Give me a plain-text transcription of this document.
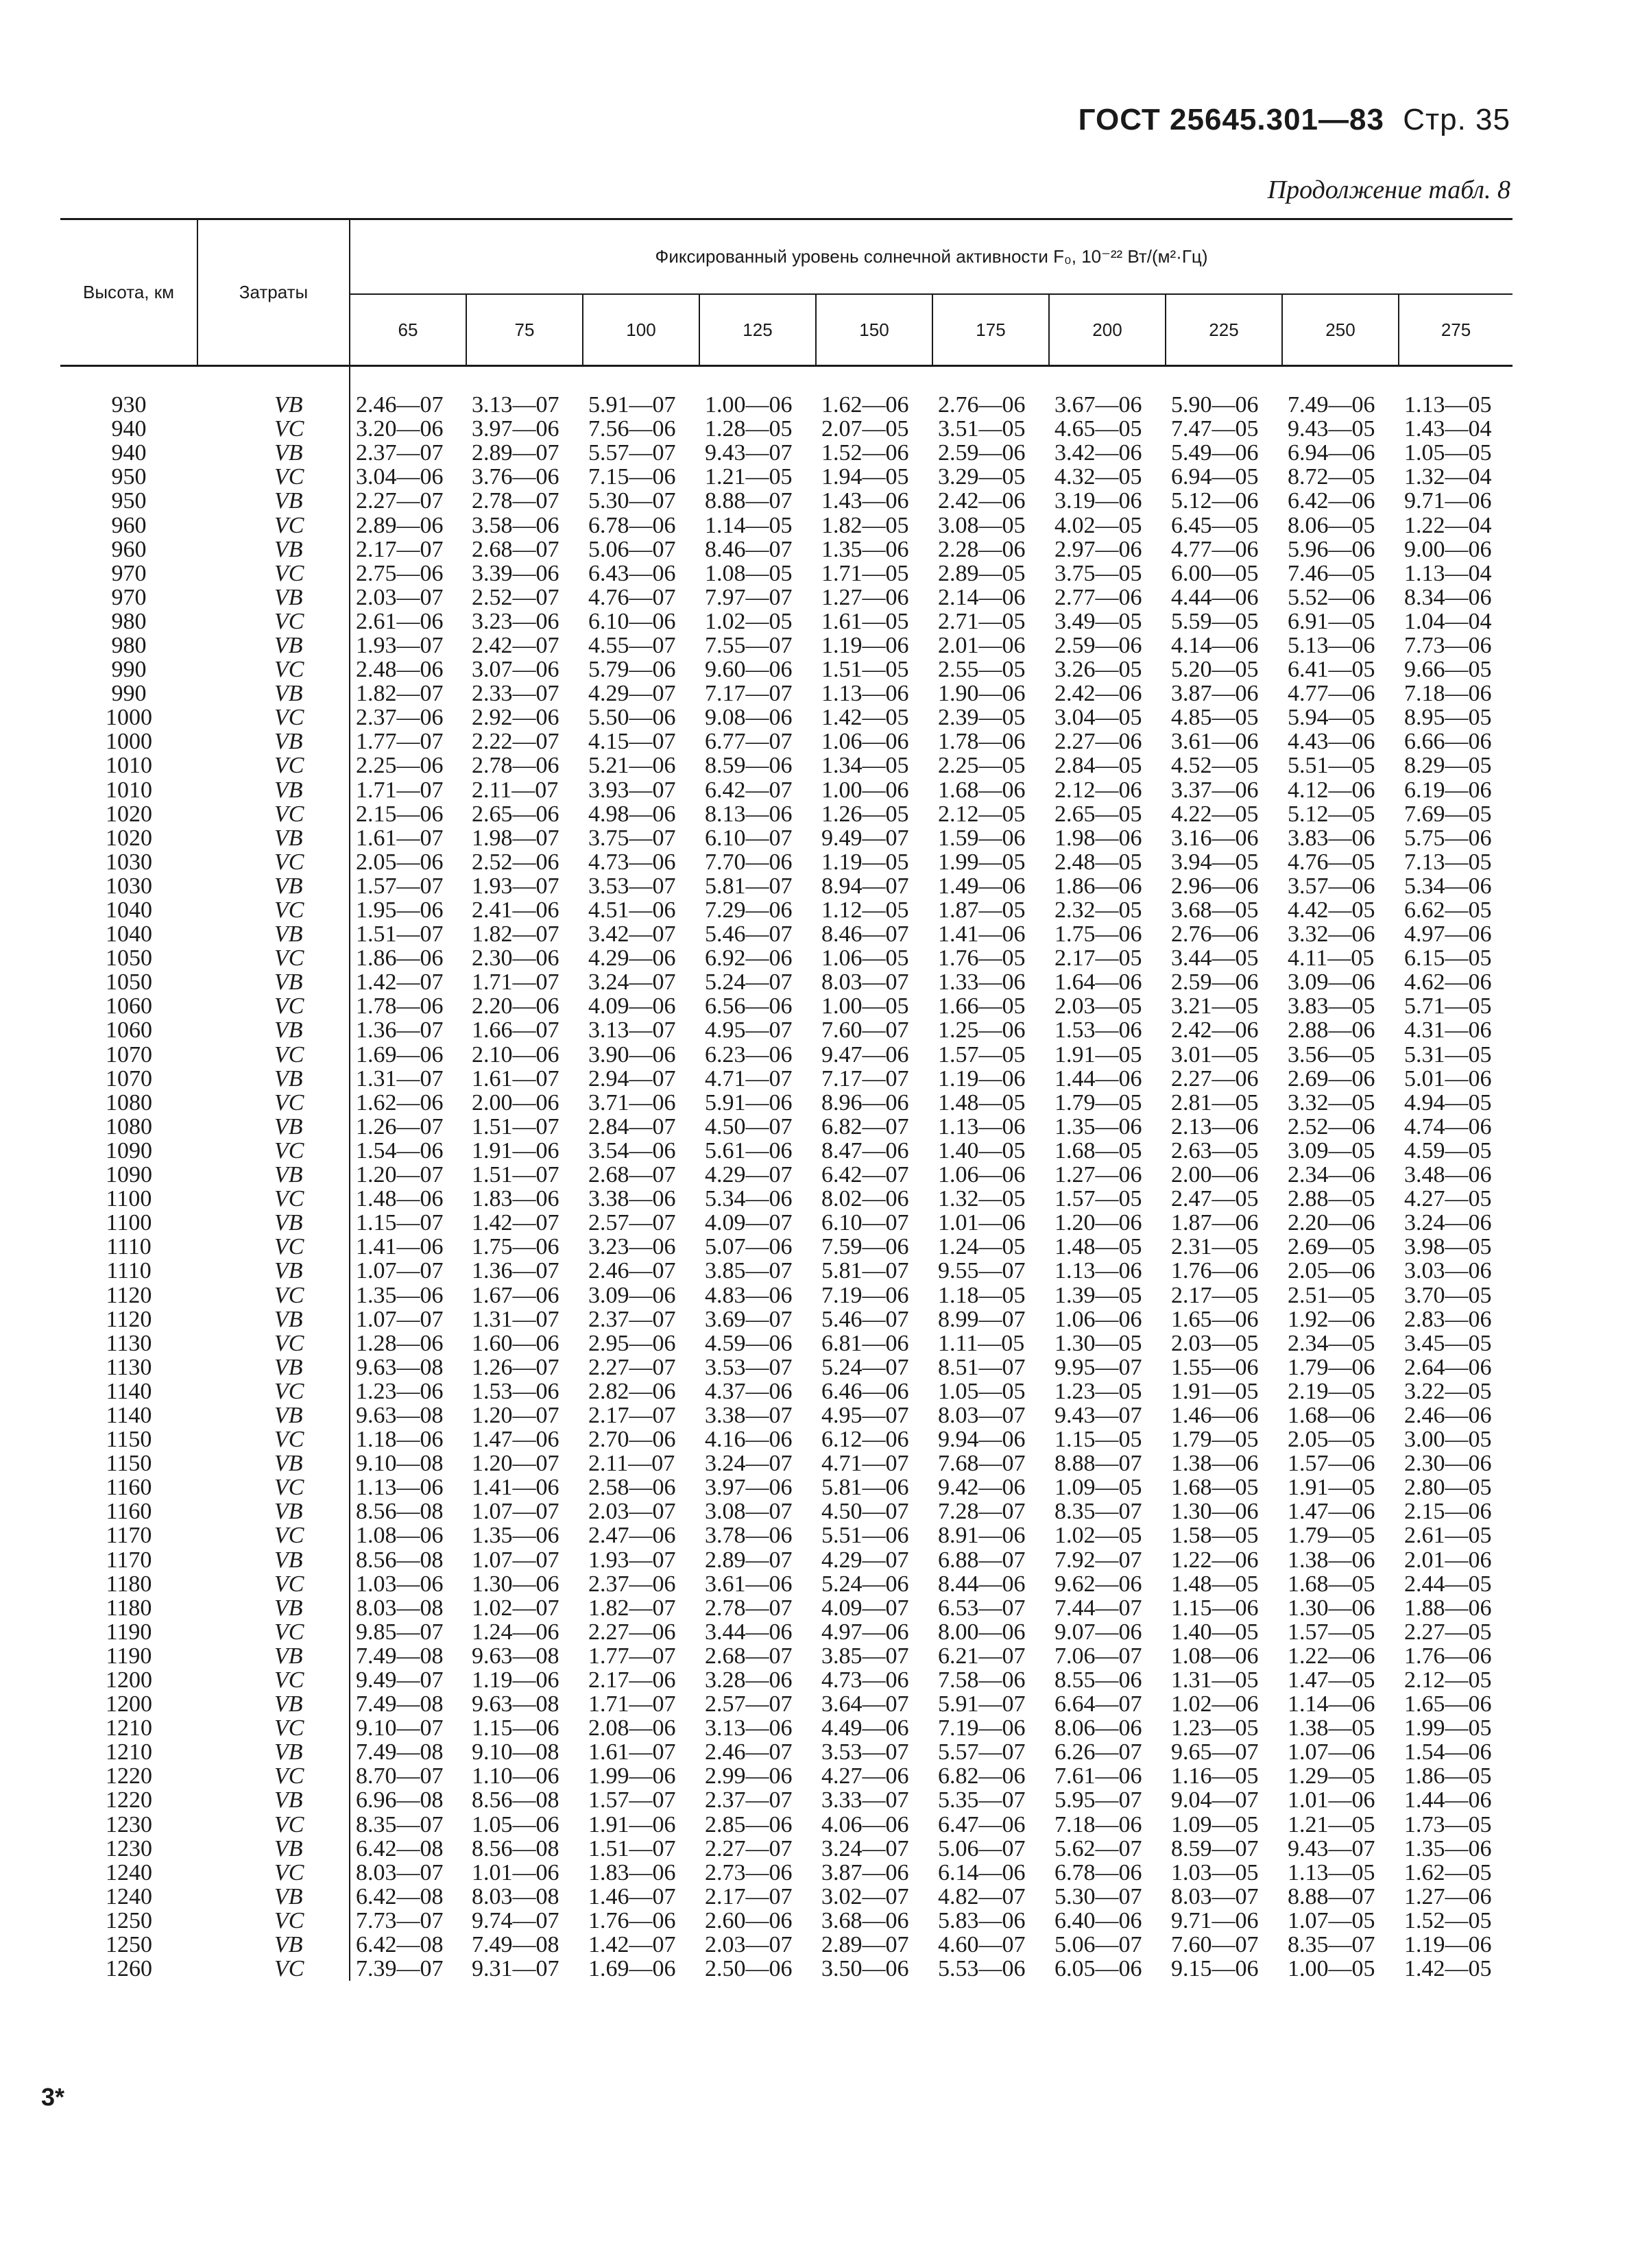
ГОСТ 25645.301—83 Стр. 35
Продолжение табл. 8
Высота, км	Затраты	Фиксированный уровень солнечной активности F₀, 10⁻²² Вт/(м²·Гц)									
		65	75	100	125	150	175	200	225	250	275
930	VB	2.46—07	3.13—07	5.91—07	1.00—06	1.62—06	2.76—06	3.67—06	5.90—06	7.49—06	1.13—05
940	VC	3.20—06	3.97—06	7.56—06	1.28—05	2.07—05	3.51—05	4.65—05	7.47—05	9.43—05	1.43—04
940	VB	2.37—07	2.89—07	5.57—07	9.43—07	1.52—06	2.59—06	3.42—06	5.49—06	6.94—06	1.05—05
950	VC	3.04—06	3.76—06	7.15—06	1.21—05	1.94—05	3.29—05	4.32—05	6.94—05	8.72—05	1.32—04
950	VB	2.27—07	2.78—07	5.30—07	8.88—07	1.43—06	2.42—06	3.19—06	5.12—06	6.42—06	9.71—06
960	VC	2.89—06	3.58—06	6.78—06	1.14—05	1.82—05	3.08—05	4.02—05	6.45—05	8.06—05	1.22—04
960	VB	2.17—07	2.68—07	5.06—07	8.46—07	1.35—06	2.28—06	2.97—06	4.77—06	5.96—06	9.00—06
970	VC	2.75—06	3.39—06	6.43—06	1.08—05	1.71—05	2.89—05	3.75—05	6.00—05	7.46—05	1.13—04
970	VB	2.03—07	2.52—07	4.76—07	7.97—07	1.27—06	2.14—06	2.77—06	4.44—06	5.52—06	8.34—06
980	VC	2.61—06	3.23—06	6.10—06	1.02—05	1.61—05	2.71—05	3.49—05	5.59—05	6.91—05	1.04—04
980	VB	1.93—07	2.42—07	4.55—07	7.55—07	1.19—06	2.01—06	2.59—06	4.14—06	5.13—06	7.73—06
990	VC	2.48—06	3.07—06	5.79—06	9.60—06	1.51—05	2.55—05	3.26—05	5.20—05	6.41—05	9.66—05
990	VB	1.82—07	2.33—07	4.29—07	7.17—07	1.13—06	1.90—06	2.42—06	3.87—06	4.77—06	7.18—06
1000	VC	2.37—06	2.92—06	5.50—06	9.08—06	1.42—05	2.39—05	3.04—05	4.85—05	5.94—05	8.95—05
1000	VB	1.77—07	2.22—07	4.15—07	6.77—07	1.06—06	1.78—06	2.27—06	3.61—06	4.43—06	6.66—06
1010	VC	2.25—06	2.78—06	5.21—06	8.59—06	1.34—05	2.25—05	2.84—05	4.52—05	5.51—05	8.29—05
1010	VB	1.71—07	2.11—07	3.93—07	6.42—07	1.00—06	1.68—06	2.12—06	3.37—06	4.12—06	6.19—06
1020	VC	2.15—06	2.65—06	4.98—06	8.13—06	1.26—05	2.12—05	2.65—05	4.22—05	5.12—05	7.69—05
1020	VB	1.61—07	1.98—07	3.75—07	6.10—07	9.49—07	1.59—06	1.98—06	3.16—06	3.83—06	5.75—06
1030	VC	2.05—06	2.52—06	4.73—06	7.70—06	1.19—05	1.99—05	2.48—05	3.94—05	4.76—05	7.13—05
1030	VB	1.57—07	1.93—07	3.53—07	5.81—07	8.94—07	1.49—06	1.86—06	2.96—06	3.57—06	5.34—06
1040	VC	1.95—06	2.41—06	4.51—06	7.29—06	1.12—05	1.87—05	2.32—05	3.68—05	4.42—05	6.62—05
1040	VB	1.51—07	1.82—07	3.42—07	5.46—07	8.46—07	1.41—06	1.75—06	2.76—06	3.32—06	4.97—06
1050	VC	1.86—06	2.30—06	4.29—06	6.92—06	1.06—05	1.76—05	2.17—05	3.44—05	4.11—05	6.15—05
1050	VB	1.42—07	1.71—07	3.24—07	5.24—07	8.03—07	1.33—06	1.64—06	2.59—06	3.09—06	4.62—06
1060	VC	1.78—06	2.20—06	4.09—06	6.56—06	1.00—05	1.66—05	2.03—05	3.21—05	3.83—05	5.71—05
1060	VB	1.36—07	1.66—07	3.13—07	4.95—07	7.60—07	1.25—06	1.53—06	2.42—06	2.88—06	4.31—06
1070	VC	1.69—06	2.10—06	3.90—06	6.23—06	9.47—06	1.57—05	1.91—05	3.01—05	3.56—05	5.31—05
1070	VB	1.31—07	1.61—07	2.94—07	4.71—07	7.17—07	1.19—06	1.44—06	2.27—06	2.69—06	5.01—06
1080	VC	1.62—06	2.00—06	3.71—06	5.91—06	8.96—06	1.48—05	1.79—05	2.81—05	3.32—05	4.94—05
1080	VB	1.26—07	1.51—07	2.84—07	4.50—07	6.82—07	1.13—06	1.35—06	2.13—06	2.52—06	4.74—06
1090	VC	1.54—06	1.91—06	3.54—06	5.61—06	8.47—06	1.40—05	1.68—05	2.63—05	3.09—05	4.59—05
1090	VB	1.20—07	1.51—07	2.68—07	4.29—07	6.42—07	1.06—06	1.27—06	2.00—06	2.34—06	3.48—06
1100	VC	1.48—06	1.83—06	3.38—06	5.34—06	8.02—06	1.32—05	1.57—05	2.47—05	2.88—05	4.27—05
1100	VB	1.15—07	1.42—07	2.57—07	4.09—07	6.10—07	1.01—06	1.20—06	1.87—06	2.20—06	3.24—06
1110	VC	1.41—06	1.75—06	3.23—06	5.07—06	7.59—06	1.24—05	1.48—05	2.31—05	2.69—05	3.98—05
1110	VB	1.07—07	1.36—07	2.46—07	3.85—07	5.81—07	9.55—07	1.13—06	1.76—06	2.05—06	3.03—06
1120	VC	1.35—06	1.67—06	3.09—06	4.83—06	7.19—06	1.18—05	1.39—05	2.17—05	2.51—05	3.70—05
1120	VB	1.07—07	1.31—07	2.37—07	3.69—07	5.46—07	8.99—07	1.06—06	1.65—06	1.92—06	2.83—06
1130	VC	1.28—06	1.60—06	2.95—06	4.59—06	6.81—06	1.11—05	1.30—05	2.03—05	2.34—05	3.45—05
1130	VB	9.63—08	1.26—07	2.27—07	3.53—07	5.24—07	8.51—07	9.95—07	1.55—06	1.79—06	2.64—06
1140	VC	1.23—06	1.53—06	2.82—06	4.37—06	6.46—06	1.05—05	1.23—05	1.91—05	2.19—05	3.22—05
1140	VB	9.63—08	1.20—07	2.17—07	3.38—07	4.95—07	8.03—07	9.43—07	1.46—06	1.68—06	2.46—06
1150	VC	1.18—06	1.47—06	2.70—06	4.16—06	6.12—06	9.94—06	1.15—05	1.79—05	2.05—05	3.00—05
1150	VB	9.10—08	1.20—07	2.11—07	3.24—07	4.71—07	7.68—07	8.88—07	1.38—06	1.57—06	2.30—06
1160	VC	1.13—06	1.41—06	2.58—06	3.97—06	5.81—06	9.42—06	1.09—05	1.68—05	1.91—05	2.80—05
1160	VB	8.56—08	1.07—07	2.03—07	3.08—07	4.50—07	7.28—07	8.35—07	1.30—06	1.47—06	2.15—06
1170	VC	1.08—06	1.35—06	2.47—06	3.78—06	5.51—06	8.91—06	1.02—05	1.58—05	1.79—05	2.61—05
1170	VB	8.56—08	1.07—07	1.93—07	2.89—07	4.29—07	6.88—07	7.92—07	1.22—06	1.38—06	2.01—06
1180	VC	1.03—06	1.30—06	2.37—06	3.61—06	5.24—06	8.44—06	9.62—06	1.48—05	1.68—05	2.44—05
1180	VB	8.03—08	1.02—07	1.82—07	2.78—07	4.09—07	6.53—07	7.44—07	1.15—06	1.30—06	1.88—06
1190	VC	9.85—07	1.24—06	2.27—06	3.44—06	4.97—06	8.00—06	9.07—06	1.40—05	1.57—05	2.27—05
1190	VB	7.49—08	9.63—08	1.77—07	2.68—07	3.85—07	6.21—07	7.06—07	1.08—06	1.22—06	1.76—06
1200	VC	9.49—07	1.19—06	2.17—06	3.28—06	4.73—06	7.58—06	8.55—06	1.31—05	1.47—05	2.12—05
1200	VB	7.49—08	9.63—08	1.71—07	2.57—07	3.64—07	5.91—07	6.64—07	1.02—06	1.14—06	1.65—06
1210	VC	9.10—07	1.15—06	2.08—06	3.13—06	4.49—06	7.19—06	8.06—06	1.23—05	1.38—05	1.99—05
1210	VB	7.49—08	9.10—08	1.61—07	2.46—07	3.53—07	5.57—07	6.26—07	9.65—07	1.07—06	1.54—06
1220	VC	8.70—07	1.10—06	1.99—06	2.99—06	4.27—06	6.82—06	7.61—06	1.16—05	1.29—05	1.86—05
1220	VB	6.96—08	8.56—08	1.57—07	2.37—07	3.33—07	5.35—07	5.95—07	9.04—07	1.01—06	1.44—06
1230	VC	8.35—07	1.05—06	1.91—06	2.85—06	4.06—06	6.47—06	7.18—06	1.09—05	1.21—05	1.73—05
1230	VB	6.42—08	8.56—08	1.51—07	2.27—07	3.24—07	5.06—07	5.62—07	8.59—07	9.43—07	1.35—06
1240	VC	8.03—07	1.01—06	1.83—06	2.73—06	3.87—06	6.14—06	6.78—06	1.03—05	1.13—05	1.62—05
1240	VB	6.42—08	8.03—08	1.46—07	2.17—07	3.02—07	4.82—07	5.30—07	8.03—07	8.88—07	1.27—06
1250	VC	7.73—07	9.74—07	1.76—06	2.60—06	3.68—06	5.83—06	6.40—06	9.71—06	1.07—05	1.52—05
1250	VB	6.42—08	7.49—08	1.42—07	2.03—07	2.89—07	4.60—07	5.06—07	7.60—07	8.35—07	1.19—06
1260	VC	7.39—07	9.31—07	1.69—06	2.50—06	3.50—06	5.53—06	6.05—06	9.15—06	1.00—05	1.42—05
3*
